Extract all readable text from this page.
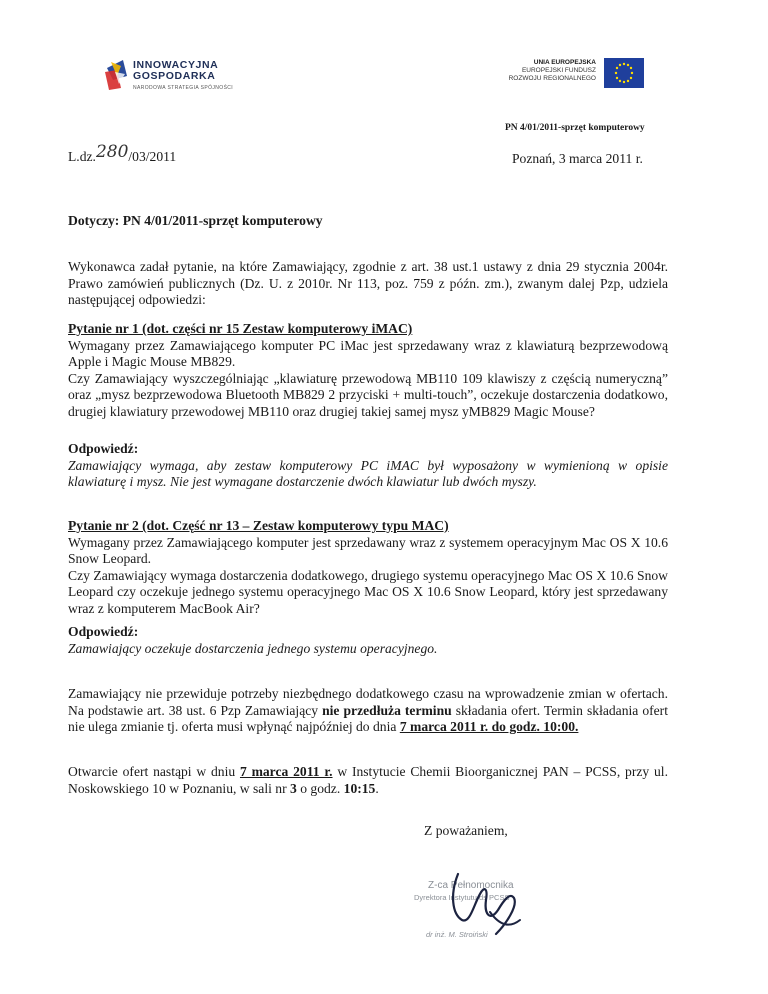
INNOWACYJNA
GOSPODARKA
NARODOWA STRATEGIA SPÓJNOŚCI
UNIA EUROPEJSKA
EUROPEJSKI FUNDUSZ
ROZWOJU REGIONALNEGO
PN 4/01/2011-sprzęt komputerowy
L.dz.280/03/2011	Poznań, 3 marca 2011 r.
Dotyczy: PN 4/01/2011-sprzęt komputerowy
Wykonawca zadał pytanie, na które Zamawiający, zgodnie z art. 38 ust.1 ustawy z dnia 29 stycznia 2004r. Prawo zamówień publicznych (Dz. U. z 2010r. Nr 113, poz. 759 z późn. zm.), zwanym dalej Pzp, udziela następującej odpowiedzi:
Pytanie nr 1 (dot. części nr 15 Zestaw komputerowy iMAC)
Wymagany przez Zamawiającego komputer PC iMac jest sprzedawany wraz z klawiaturą bezprzewodową Apple i Magic Mouse MB829.
Czy Zamawiający wyszczególniając „klawiaturę przewodową MB110 109 klawiszy z częścią numeryczną” oraz „mysz bezprzewodowa Bluetooth MB829 2 przyciski + multi-touch”, oczekuje dostarczenia dodatkowo, drugiej klawiatury przewodowej MB110 oraz drugiej takiej samej mysz yMB829 Magic Mouse?
Odpowiedź:
Zamawiający wymaga, aby zestaw komputerowy PC iMAC był wyposażony w wymienioną w opisie klawiaturę i mysz. Nie jest wymagane dostarczenie dwóch klawiatur lub dwóch myszy.
Pytanie nr 2 (dot. Część nr 13 – Zestaw komputerowy typu MAC)
Wymagany przez Zamawiającego komputer jest sprzedawany wraz z systemem operacyjnym Mac OS X 10.6 Snow Leopard.
Czy Zamawiający wymaga dostarczenia dodatkowego, drugiego systemu operacyjnego Mac OS X 10.6 Snow Leopard czy oczekuje jednego systemu operacyjnego Mac OS X 10.6 Snow Leopard, który jest sprzedawany wraz z komputerem MacBook Air?
Odpowiedź:
Zamawiający oczekuje dostarczenia jednego systemu operacyjnego.
Zamawiający nie przewiduje potrzeby niezbędnego dodatkowego czasu na wprowadzenie zmian w ofertach. Na podstawie art. 38 ust. 6 Pzp Zamawiający nie przedłuża terminu składania ofert. Termin składania ofert nie ulega zmianie tj. oferta musi wpłynąć najpóźniej do dnia 7 marca 2011 r. do godz. 10:00.
Otwarcie ofert nastąpi w dniu 7 marca 2011 r. w Instytucie Chemii Bioorganicznej PAN – PCSS, przy ul. Noskowskiego 10 w Poznaniu, w sali nr 3 o godz. 10:15.
Z poważaniem,
Z-ca Pełnomocnika
Dyrektora Instytutu ds PCSS
dr inż. M. Stroiński
